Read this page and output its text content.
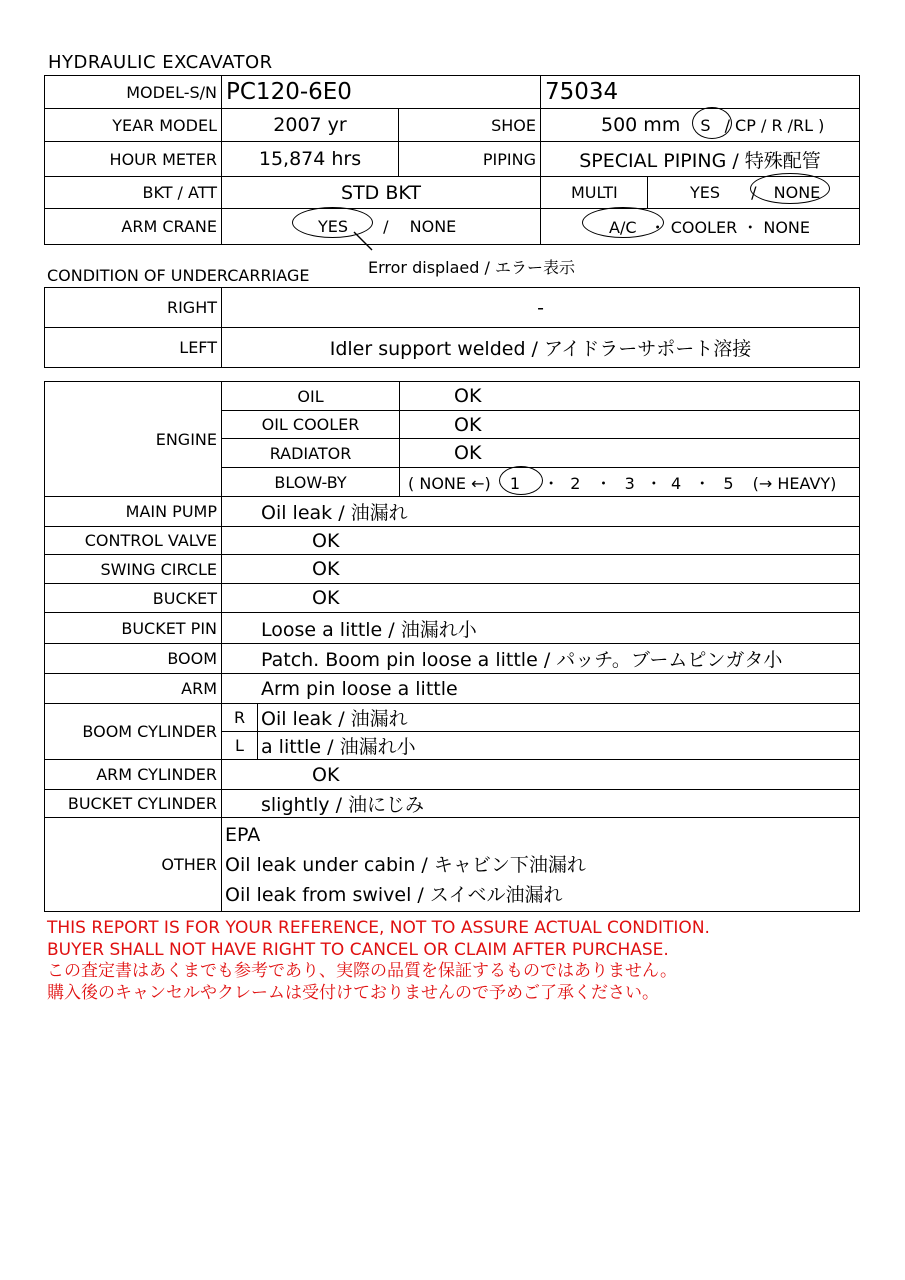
HYDRAULIC EXCAVATOR
MODEL-S/N	PC120-6E0		75034	
YEAR MODEL	2007 yr	SHOE	500 mm S / CP / R /RL )	
HOUR METER	15,874 hrs	PIPING	SPECIAL PIPING / 特殊配管	
BKT / ATT	STD BKT		MULTI	YES / NONE
ARM CRANE	YES / NONE		A/C ・ COOLER ・ NONE	
Error displaed / エラー表示
CONDITION OF UNDERCARRIAGE
RIGHT	-
LEFT	Idler support welded / アイドラーサポート溶接
ENGINE	OIL		OK
	OIL COOLER		OK
	RADIATOR		OK
	BLOW-BY		( NONE ←) 1 ・ 2 ・ 3 ・ 4 ・ 5 (→ HEAVY)
MAIN PUMP	Oil leak / 油漏れ		
CONTROL VALVE	OK		
SWING CIRCLE	OK		
BUCKET	OK		
BUCKET PIN	Loose a little / 油漏れ小		
BOOM	Patch. Boom pin loose a little / パッチ。ブームピンガタ小		
ARM	Arm pin loose a little		
BOOM CYLINDER	R	Oil leak / 油漏れ	
	L	a little / 油漏れ小	
ARM CYLINDER	OK		
BUCKET CYLINDER	slightly / 油にじみ		
OTHER	EPA
Oil leak under cabin / キャビン下油漏れ
Oil leak from swivel / スイベル油漏れ		
THIS REPORT IS FOR YOUR REFERENCE, NOT TO ASSURE ACTUAL CONDITION.
BUYER SHALL NOT HAVE RIGHT TO CANCEL OR CLAIM AFTER PURCHASE.
この査定書はあくまでも参考であり、実際の品質を保証するものではありません。
購入後のキャンセルやクレームは受付けておりませんので予めご了承ください。
